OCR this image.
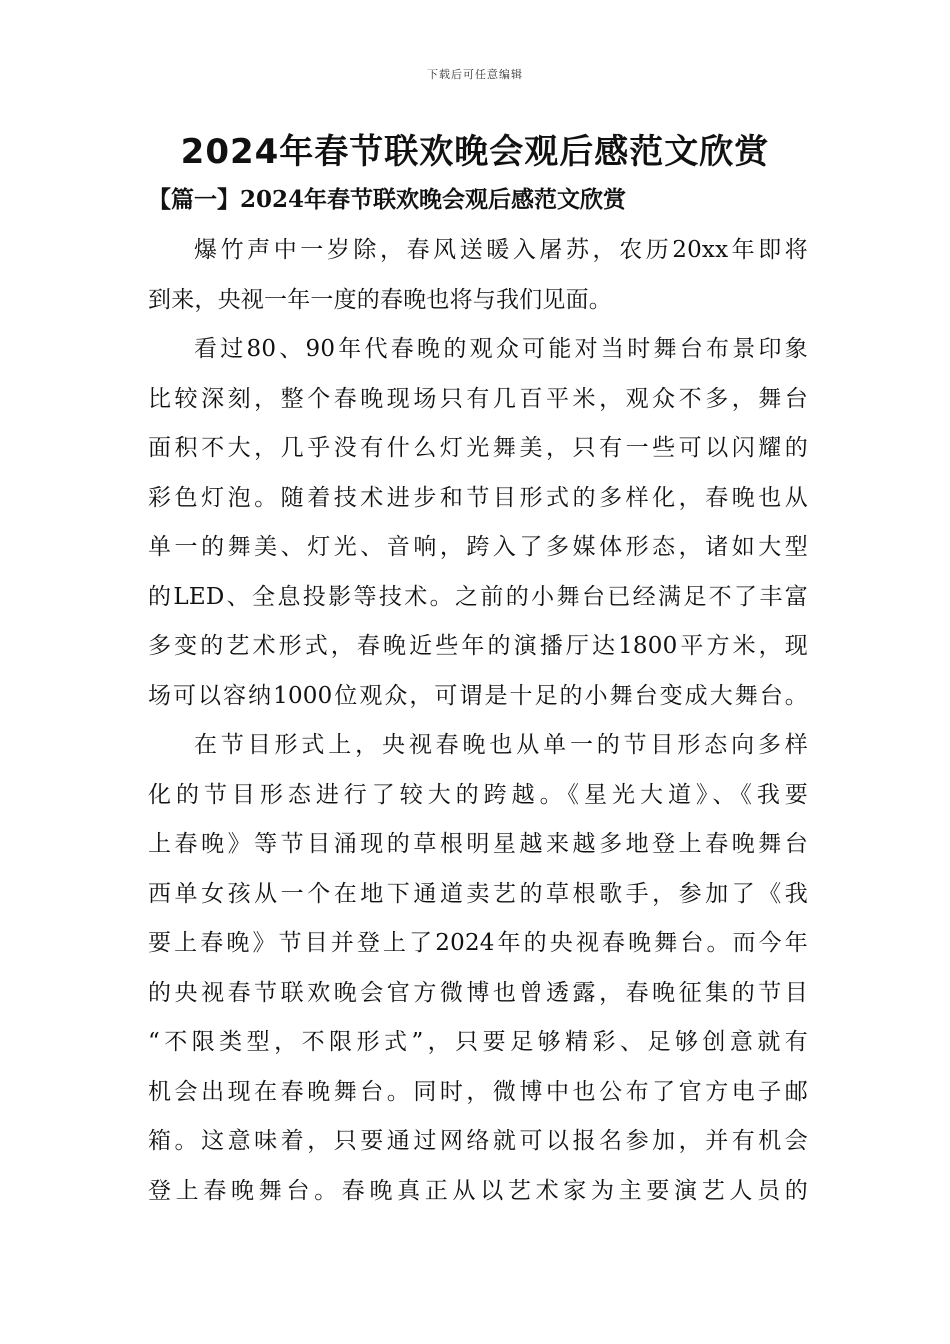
下载后可任意编辑
2024年春节联欢晚会观后感范文欣赏
【篇一】2024年春节联欢晚会观后感范文欣赏

爆竹声中一岁除，春风送暖入屠苏，农历20xx年即将
到来，央视一年一度的春晚也将与我们见面。

看过80、90年代春晚的观众可能对当时舞台布景印象
比较深刻，整个春晚现场只有几百平米，观众不多，舞台
面积不大，几乎没有什么灯光舞美，只有一些可以闪耀的
彩色灯泡。随着技术进步和节目形式的多样化，春晚也从
单一的舞美、灯光、音响，跨入了多媒体形态，诸如大型
的LED、全息投影等技术。之前的小舞台已经满足不了丰富
多变的艺术形式，春晚近些年的演播厅达1800平方米，现
场可以容纳1000位观众，可谓是十足的小舞台变成大舞台。

在节目形式上，央视春晚也从单一的节目形态向多样
化的节目形态进行了较大的跨越。《星光大道》、《我要
上春晚》等节目涌现的草根明星越来越多地登上春晚舞台
西单女孩从一个在地下通道卖艺的草根歌手，参加了《我
要上春晚》节目并登上了2024年的央视春晚舞台。而今年
的央视春节联欢晚会官方微博也曾透露，春晚征集的节目
“不限类型，不限形式”，只要足够精彩、足够创意就有
机会出现在春晚舞台。同时，微博中也公布了官方电子邮
箱。这意味着，只要通过网络就可以报名参加，并有机会
登上春晚舞台。春晚真正从以艺术家为主要演艺人员的
